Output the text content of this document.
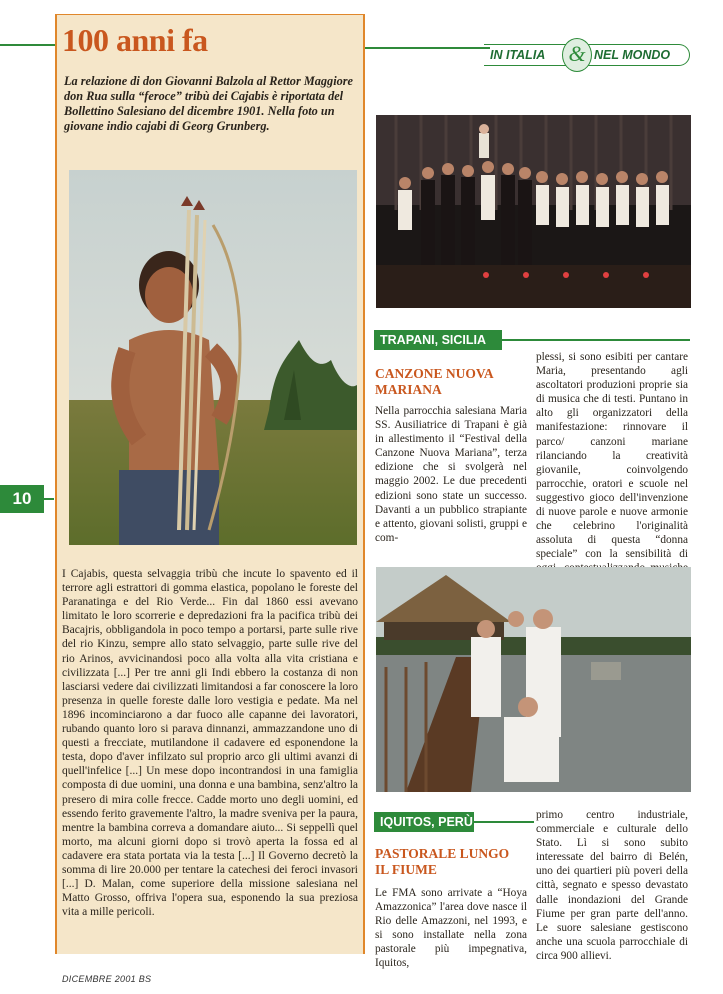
10
100 anni fa
La relazione di don Giovanni Balzola al Rettor Maggiore don Rua sulla “feroce” tribù dei Cajabis è riportata del Bollettino Salesiano del dicembre 1901. Nella foto un giovane indio cajabi di Georg Grunberg.
I Cajabis, questa selvaggia tribù che incute lo spavento ed il terrore agli estrattori di gomma elastica, popolano le foreste del Paranatinga e del Rio Verde... Fin dal 1860 essi avevano limitato le loro scorrerie e depredazioni fra la pacifica tribù dei Bacajris, obbligandola in poco tempo a portarsi, parte sulle rive del rio Kinzu, sempre allo stato selvaggio, parte sulle rive del rio Arinos, avvicinandosi poco alla volta alla vita cristiana e civilizzata [...] Per tre anni gli Indi ebbero la costanza di non lasciarsi vedere dai civilizzati limitandosi a far conoscere la loro presenza in quelle foreste dalle loro vestigia e pedate. Ma nel 1896 incominciarono a dar fuoco alle capanne dei lavoratori, rubando quanto loro si parava dinnanzi, ammazzandone uno di questi a frecciate, mutilandone il cadavere ed esponendone la testa, dopo d'aver infilzato sul proprio arco gli ultimi avanzi di quell'infelice [...] Un mese dopo incontrandosi in una famiglia composta di due uomini, una donna e una bambina, senz'altro la presero di mira colle frecce. Cadde morto uno degli uomini, ed essendo ferito gravemente l'altro, la madre sveniva per la paura, mentre la bambina correva a domandare aiuto... Si seppellì quel morto, ma alcuni giorni dopo si trovò aperta la fossa ed al cadavere era stata portata via la testa [...] Il Governo decretò la somma di lire 20.000 per tentare la catechesi dei feroci invasori [...] D. Malan, come superiore della missione salesiana nel Matto Grosso, offriva l'opera sua, esponendo la sua preziosa vita a mille pericoli.
IN ITALIA & NEL MONDO
TRAPANI, SICILIA
CANZONE NUOVA MARIANA
Nella parrocchia salesiana Maria SS. Ausiliatrice di Trapani è già in allestimento il “Festival della Canzone Nuova Mariana”, terza edizione che si svolgerà nel maggio 2002. Le due precedenti edizioni sono state un successo. Davanti a un pubblico strapiante e attento, giovani solisti, gruppi e com-
plessi, si sono esibiti per cantare Maria, presentando agli ascoltatori produzioni proprie sia di musica che di testi. Puntano in alto gli organizzatori della manifestazione: rinnovare il parco/ canzoni mariane rilanciando la creatività giovanile, coinvolgendo parrocchie, oratori e scuole nel suggestivo gioco dell'invenzione di nuove parole e nuove armonie che celebrino l'originalità assoluta di questa “donna speciale” con la sensibilità di
IQUITOS, PERÙ
PASTORALE LUNGO IL FIUME
Le FMA sono arrivate a “Hoya Amazzonica” l'area dove nasce il Rio delle Amazzoni, nel 1993, e si sono installate nella zona pastorale più impegnativa, Iquitos,
primo centro industriale, commerciale e culturale dello Stato. Lì si sono subito interessate del bairro di Belén, uno dei quartieri più poveri della città, segnato e spesso devastato dalle inondazioni del Grande Fiume per gran parte dell'anno. Le suore salesiane gestiscono anche una scuola parrocchiale di circa 900 allievi.
DICEMBRE 2001 BS
